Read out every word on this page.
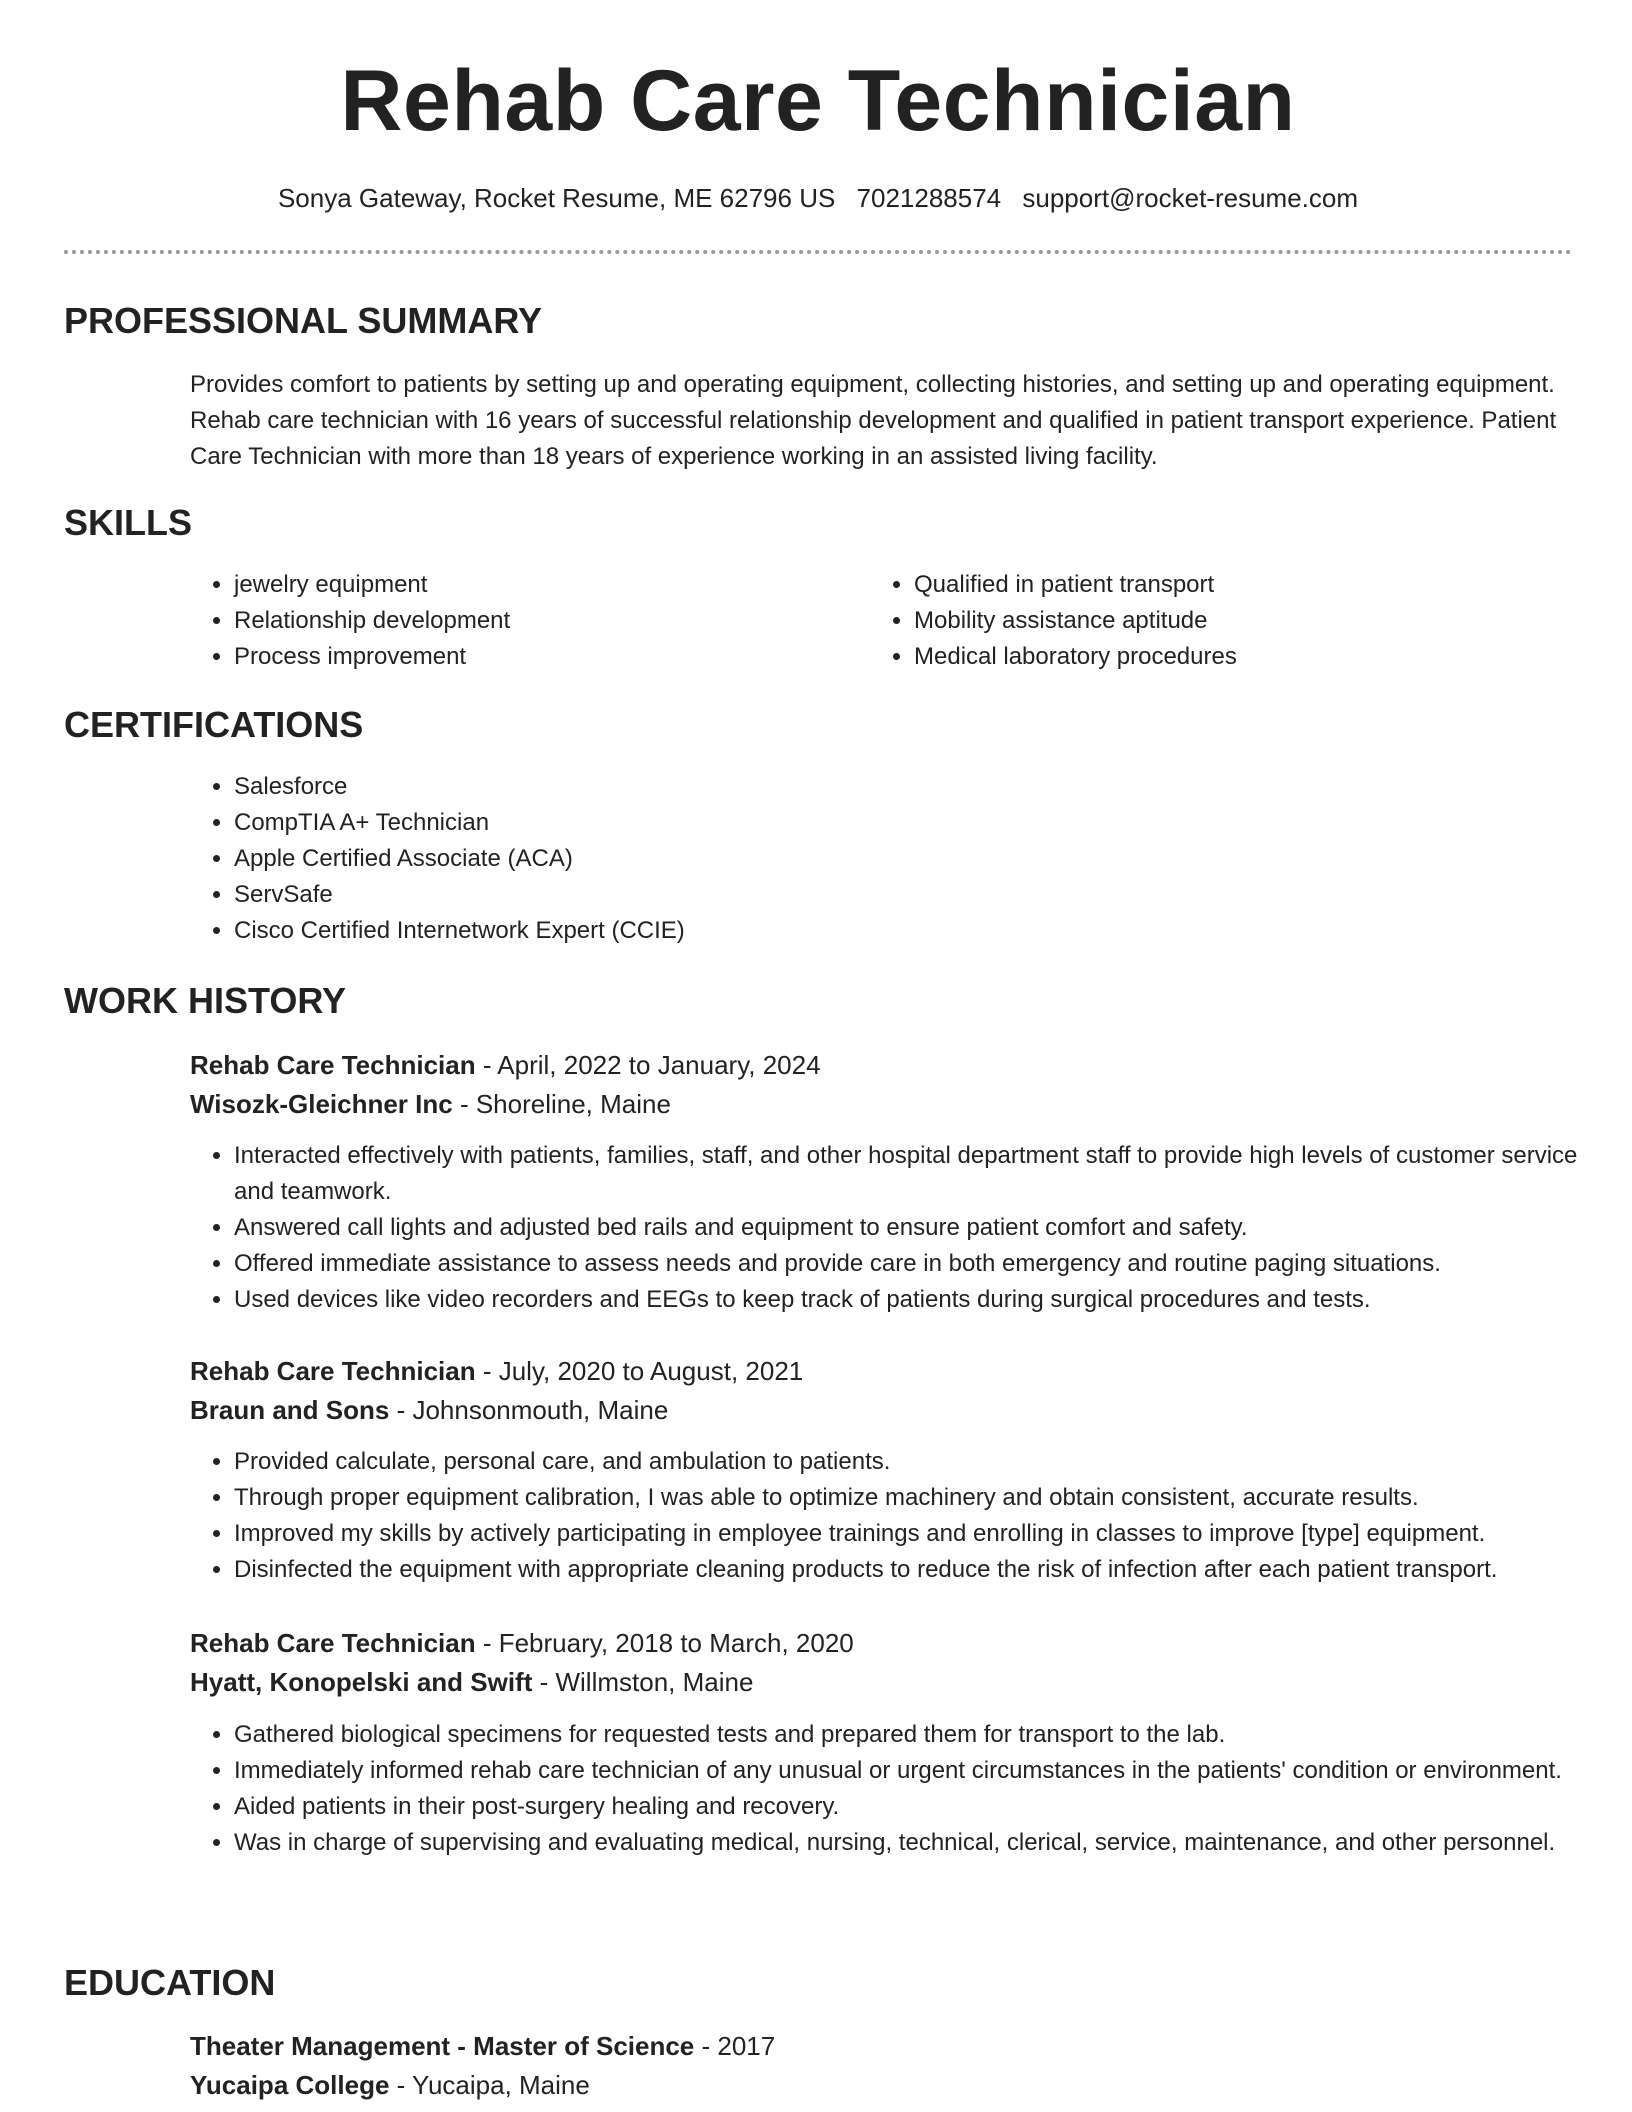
Rehab Care Technician
Sonya Gateway, Rocket Resume, ME 62796 US 7021288574 support@rocket-resume.com
PROFESSIONAL SUMMARY
Provides comfort to patients by setting up and operating equipment, collecting histories, and setting up and operating equipment. Rehab care technician with 16 years of successful relationship development and qualified in patient transport experience. Patient Care Technician with more than 18 years of experience working in an assisted living facility.
SKILLS
• jewelry equipment
• Relationship development
• Process improvement
• Qualified in patient transport
• Mobility assistance aptitude
• Medical laboratory procedures
CERTIFICATIONS
• Salesforce
• CompTIA A+ Technician
• Apple Certified Associate (ACA)
• ServSafe
• Cisco Certified Internetwork Expert (CCIE)
WORK HISTORY
Rehab Care Technician - April, 2022 to January, 2024
Wisozk-Gleichner Inc - Shoreline, Maine
• Interacted effectively with patients, families, staff, and other hospital department staff to provide high levels of customer service and teamwork.
• Answered call lights and adjusted bed rails and equipment to ensure patient comfort and safety.
• Offered immediate assistance to assess needs and provide care in both emergency and routine paging situations.
• Used devices like video recorders and EEGs to keep track of patients during surgical procedures and tests.
Rehab Care Technician - July, 2020 to August, 2021
Braun and Sons - Johnsonmouth, Maine
• Provided calculate, personal care, and ambulation to patients.
• Through proper equipment calibration, I was able to optimize machinery and obtain consistent, accurate results.
• Improved my skills by actively participating in employee trainings and enrolling in classes to improve [type] equipment.
• Disinfected the equipment with appropriate cleaning products to reduce the risk of infection after each patient transport.
Rehab Care Technician - February, 2018 to March, 2020
Hyatt, Konopelski and Swift - Willmston, Maine
• Gathered biological specimens for requested tests and prepared them for transport to the lab.
• Immediately informed rehab care technician of any unusual or urgent circumstances in the patients' condition or environment.
• Aided patients in their post-surgery healing and recovery.
• Was in charge of supervising and evaluating medical, nursing, technical, clerical, service, maintenance, and other personnel.
EDUCATION
Theater Management - Master of Science - 2017
Yucaipa College - Yucaipa, Maine
